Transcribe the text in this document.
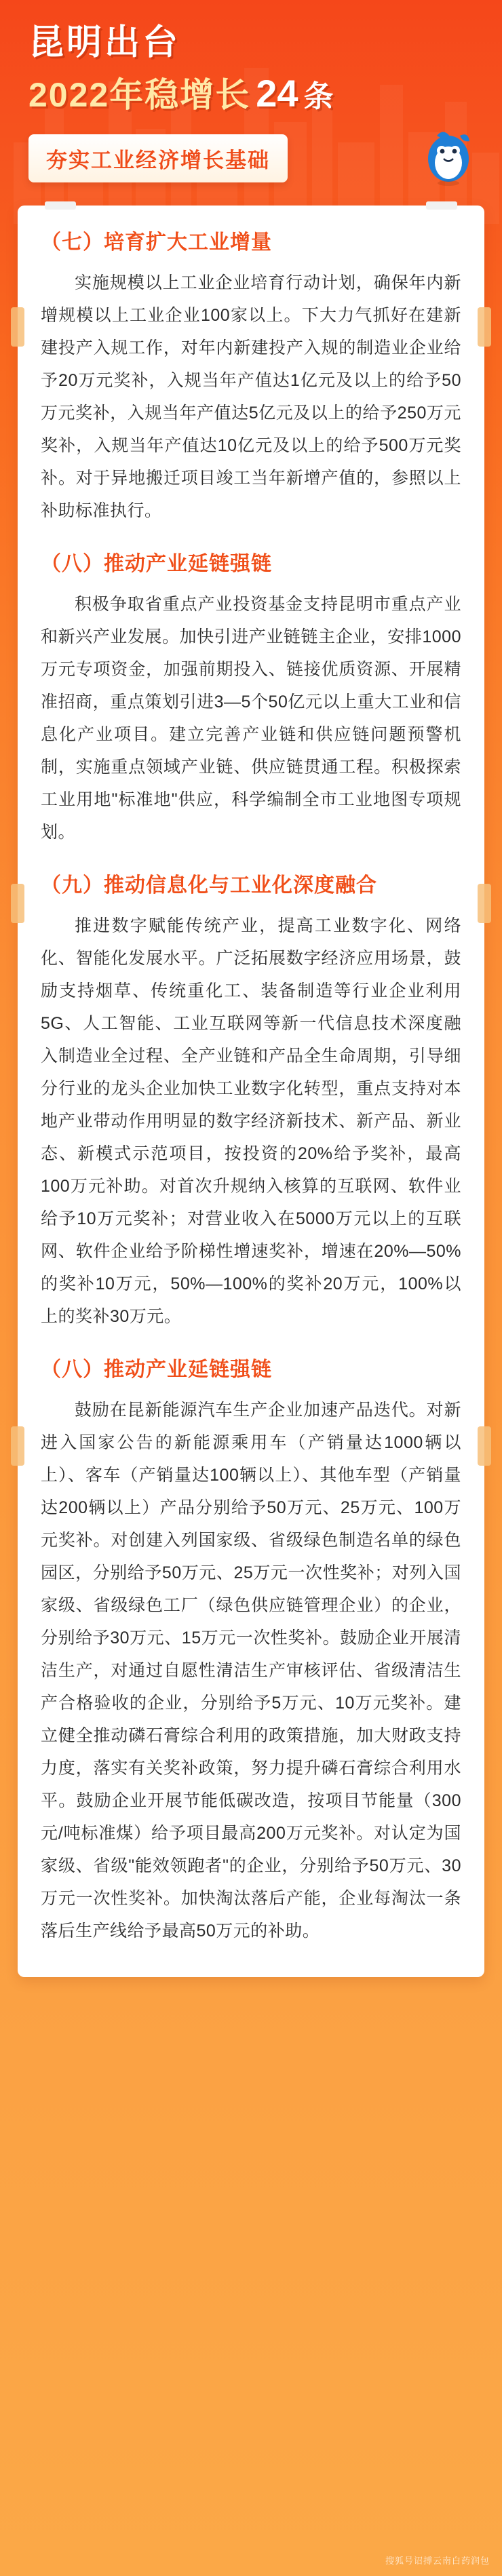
昆明出台
2022年稳增长 24 条
夯实工业经济增长基础
（七）培育扩大工业增量
实施规模以上工业企业培育行动计划，确保年内新增规模以上工业企业100家以上。下大力气抓好在建新建投产入规工作，对年内新建投产入规的制造业企业给予20万元奖补，入规当年产值达1亿元及以上的给予50万元奖补，入规当年产值达5亿元及以上的给予250万元奖补，入规当年产值达10亿元及以上的给予500万元奖补。对于异地搬迁项目竣工当年新增产值的，参照以上补助标准执行。
（八）推动产业延链强链
积极争取省重点产业投资基金支持昆明市重点产业和新兴产业发展。加快引进产业链链主企业，安排1000万元专项资金，加强前期投入、链接优质资源、开展精准招商，重点策划引进3—5个50亿元以上重大工业和信息化产业项目。建立完善产业链和供应链问题预警机制，实施重点领域产业链、供应链贯通工程。积极探索工业用地"标准地"供应，科学编制全市工业地图专项规划。
（九）推动信息化与工业化深度融合
推进数字赋能传统产业，提高工业数字化、网络化、智能化发展水平。广泛拓展数字经济应用场景，鼓励支持烟草、传统重化工、装备制造等行业企业利用5G、人工智能、工业互联网等新一代信息技术深度融入制造业全过程、全产业链和产品全生命周期，引导细分行业的龙头企业加快工业数字化转型，重点支持对本地产业带动作用明显的数字经济新技术、新产品、新业态、新模式示范项目，按投资的20%给予奖补，最高100万元补助。对首次升规纳入核算的互联网、软件业给予10万元奖补；对营业收入在5000万元以上的互联网、软件企业给予阶梯性增速奖补，增速在20%—50%的奖补10万元，50%—100%的奖补20万元，100%以上的奖补30万元。
（八）推动产业延链强链
鼓励在昆新能源汽车生产企业加速产品迭代。对新进入国家公告的新能源乘用车（产销量达1000辆以上）、客车（产销量达100辆以上）、其他车型（产销量达200辆以上）产品分别给予50万元、25万元、100万元奖补。对创建入列国家级、省级绿色制造名单的绿色园区，分别给予50万元、25万元一次性奖补；对列入国家级、省级绿色工厂（绿色供应链管理企业）的企业，分别给予30万元、15万元一次性奖补。鼓励企业开展清洁生产，对通过自愿性清洁生产审核评估、省级清洁生产合格验收的企业，分别给予5万元、10万元奖补。建立健全推动磷石膏综合利用的政策措施，加大财政支持力度，落实有关奖补政策，努力提升磷石膏综合利用水平。鼓励企业开展节能低碳改造，按项目节能量（300元/吨标准煤）给予项目最高200万元奖补。对认定为国家级、省级"能效领跑者"的企业，分别给予50万元、30万元一次性奖补。加快淘汰落后产能，企业每淘汰一条落后生产线给予最高50万元的补助。
搜狐号诏搏云南白药润包
